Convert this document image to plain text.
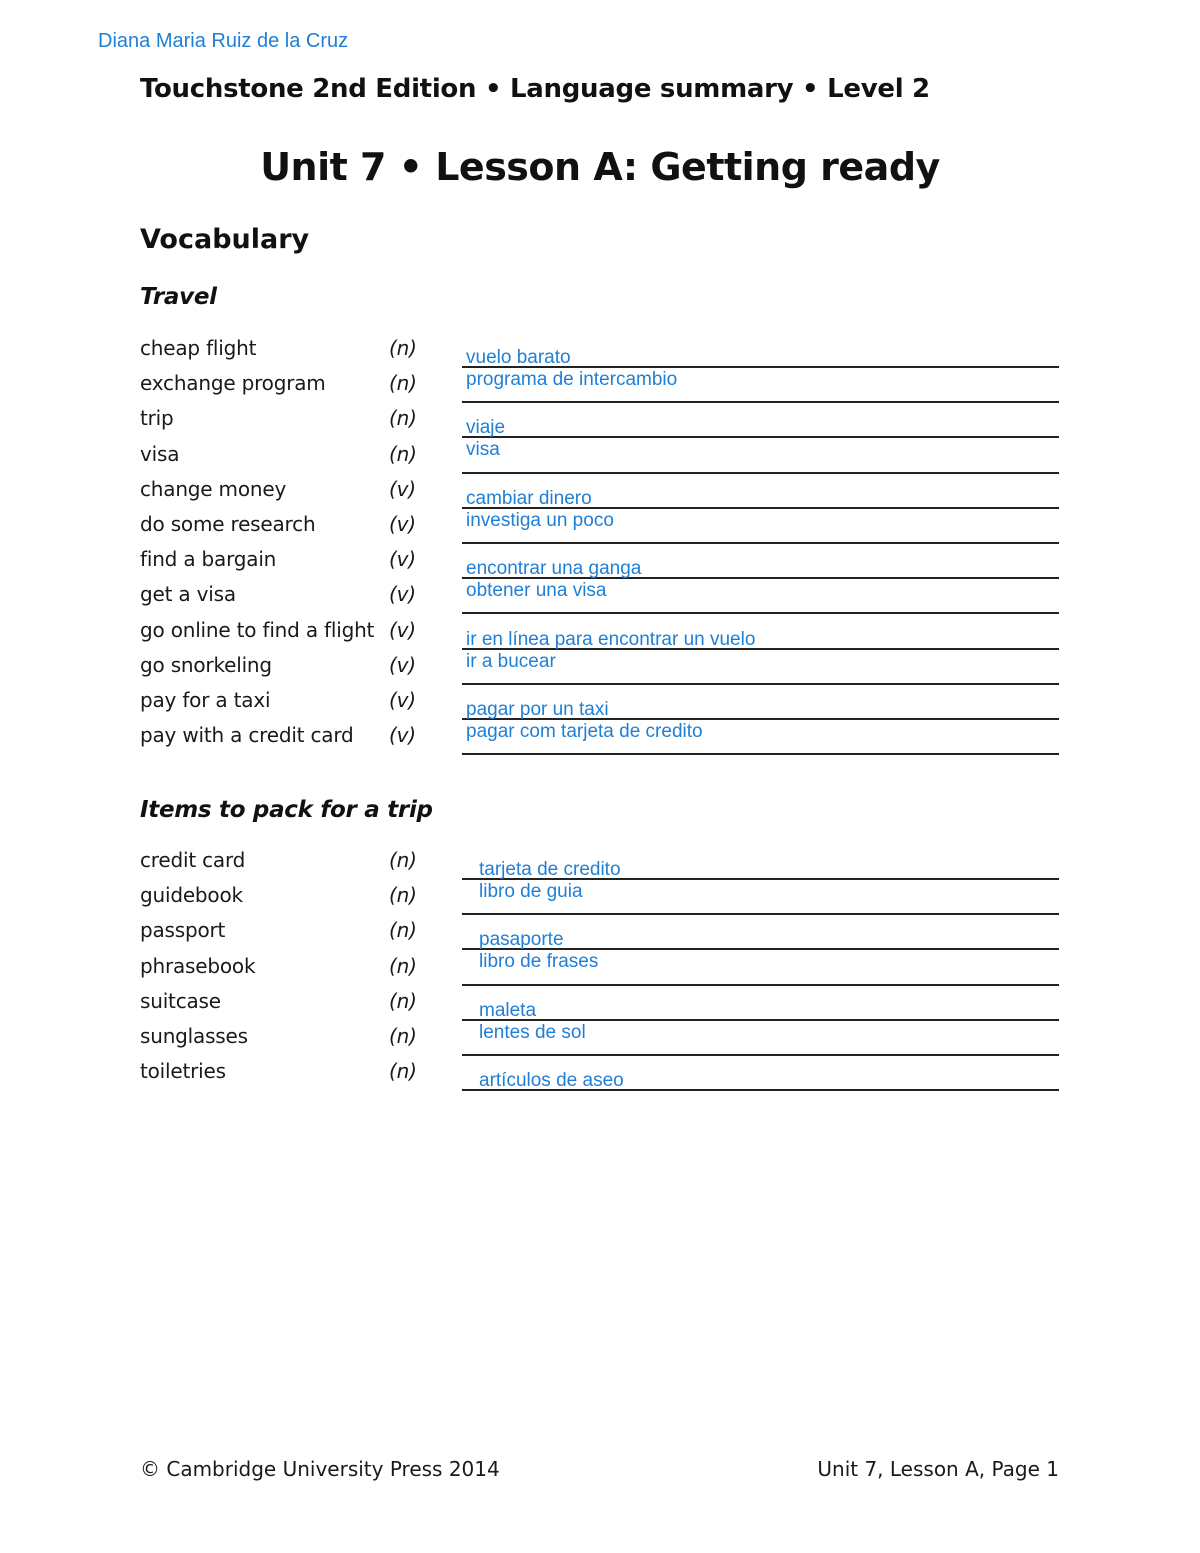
Diana Maria Ruiz de la Cruz
Touchstone 2nd Edition • Language summary • Level 2
Unit 7 • Lesson A: Getting ready
Vocabulary
Travel
cheap flight	(n)	vuelo barato
exchange program	(n)	programa de intercambio
trip	(n)	viaje
visa	(n)	visa
change money	(v)	cambiar dinero
do some research	(v)	investiga un poco
find a bargain	(v)	encontrar una ganga
get a visa	(v)	obtener una visa
go online to find a flight (v)	ir en línea para encontrar un vuelo
go snorkeling	(v)	ir a bucear
pay for a taxi	(v)	pagar por un taxi
pay with a credit card (v)	pagar com tarjeta de credito
Items to pack for a trip
credit card	(n)	tarjeta de credito
guidebook	(n)	libro de guia
passport	(n)	pasaporte
phrasebook	(n)	libro de frases
suitcase	(n)	maleta
sunglasses	(n)	lentes de sol
toiletries	(n)	artículos de aseo
© Cambridge University Press 2014	Unit 7, Lesson A, Page 1
